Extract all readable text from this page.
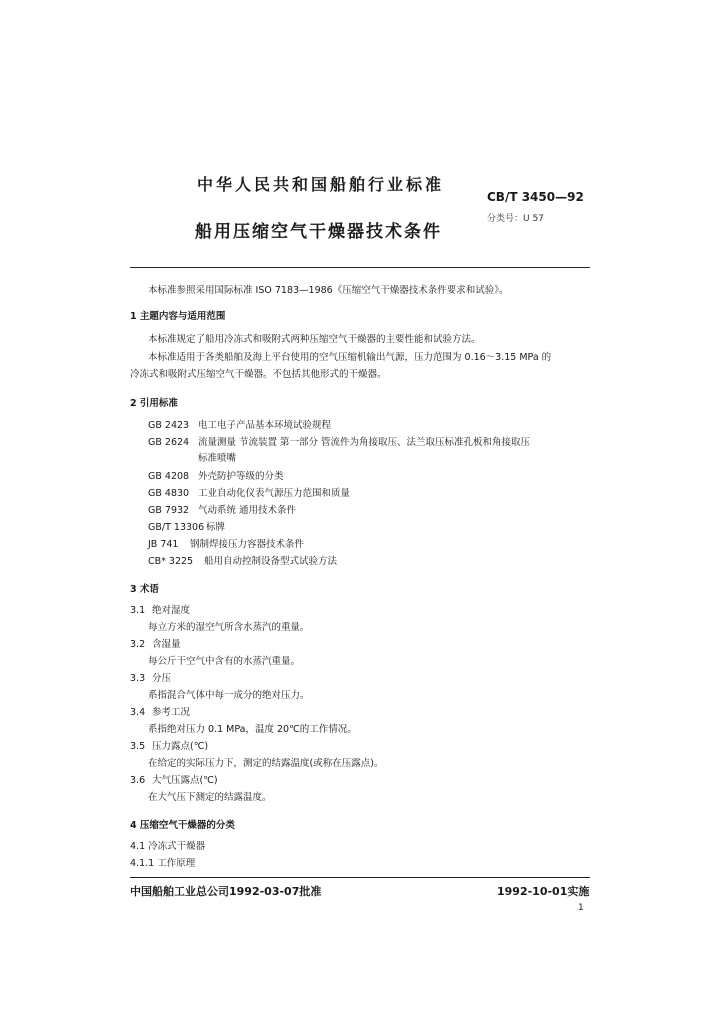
中华人民共和国船舶行业标准
CB/T 3450—92
分类号：U 57
船用压缩空气干燥器技术条件
本标准参照采用国际标准 ISO 7183—1986《压缩空气干燥器技术条件要求和试验》。
1 主题内容与适用范围
本标准规定了船用冷冻式和吸附式两种压缩空气干燥器的主要性能和试验方法。
本标准适用于各类船舶及海上平台使用的空气压缩机输出气源，压力范围为 0.16～3.15 MPa 的
冷冻式和吸附式压缩空气干燥器。不包括其他形式的干燥器。
2 引用标准
GB 2423 电工电子产品基本环境试验规程
GB 2624 流量测量 节流装置 第一部分 管流件为角接取压、法兰取压标准孔板和角接取压
标准喷嘴
GB 4208 外壳防护等级的分类
GB 4830 工业自动化仪表气源压力范围和质量
GB 7932 气动系统 通用技术条件
GB/T 13306 标牌
JB 741 钢制焊接压力容器技术条件
CB* 3225 船用自动控制设备型式试验方法
3 术语
3.1 绝对湿度
每立方米的湿空气所含水蒸汽的重量。
3.2 含湿量
每公斤干空气中含有的水蒸汽重量。
3.3 分压
系指混合气体中每一成分的绝对压力。
3.4 参考工况
系指绝对压力 0.1 MPa，温度 20℃的工作情况。
3.5 压力露点(℃)
在给定的实际压力下，测定的结露温度(或称在压露点)。
3.6 大气压露点(℃)
在大气压下测定的结露温度。
4 压缩空气干燥器的分类
4.1 冷冻式干燥器
4.1.1 工作原理
中国船舶工业总公司1992-03-07批准	1992-10-01实施
1
